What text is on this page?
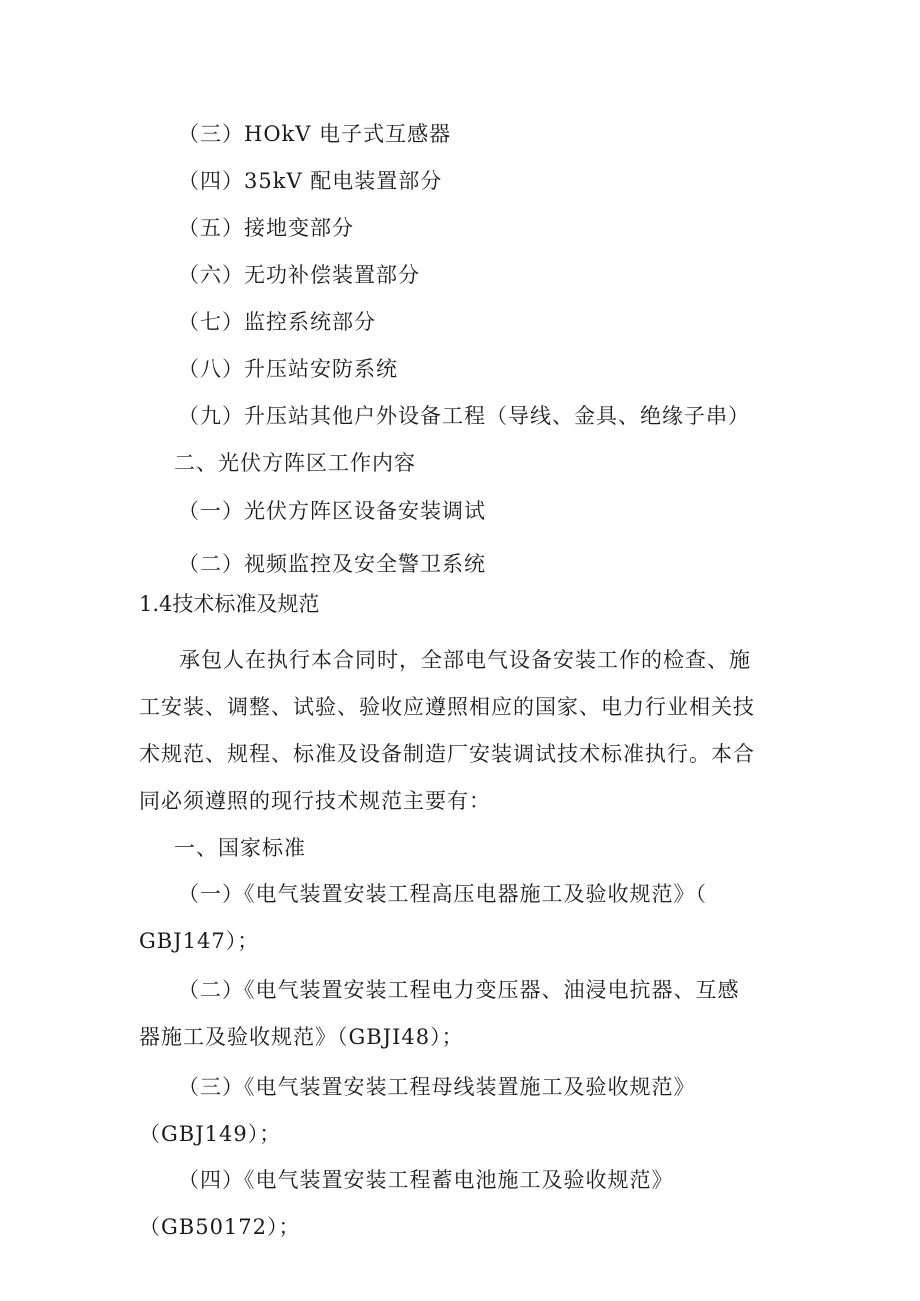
（三）HOkV 电子式互感器
（四）35kV 配电装置部分
（五）接地变部分
（六）无功补偿装置部分
（七）监控系统部分
（八）升压站安防系统
（九）升压站其他户外设备工程（导线、金具、绝缘子串）
二、光伏方阵区工作内容
（一）光伏方阵区设备安装调试
（二）视频监控及安全警卫系统
1.4技术标准及规范
承包人在执行本合同时，全部电气设备安装工作的检查、施
工安装、调整、试验、验收应遵照相应的国家、电力行业相关技
术规范、规程、标准及设备制造厂安装调试技术标准执行。本合
同必须遵照的现行技术规范主要有：
一、国家标准
（一）《电气装置安装工程高压电器施工及验收规范》（
GBJ147）；
（二）《电气装置安装工程电力变压器、油浸电抗器、互感
器施工及验收规范》（GBJI48）；
（三）《电气装置安装工程母线装置施工及验收规范》
（GBJ149）；
（四）《电气装置安装工程蓄电池施工及验收规范》
（GB50172）；
